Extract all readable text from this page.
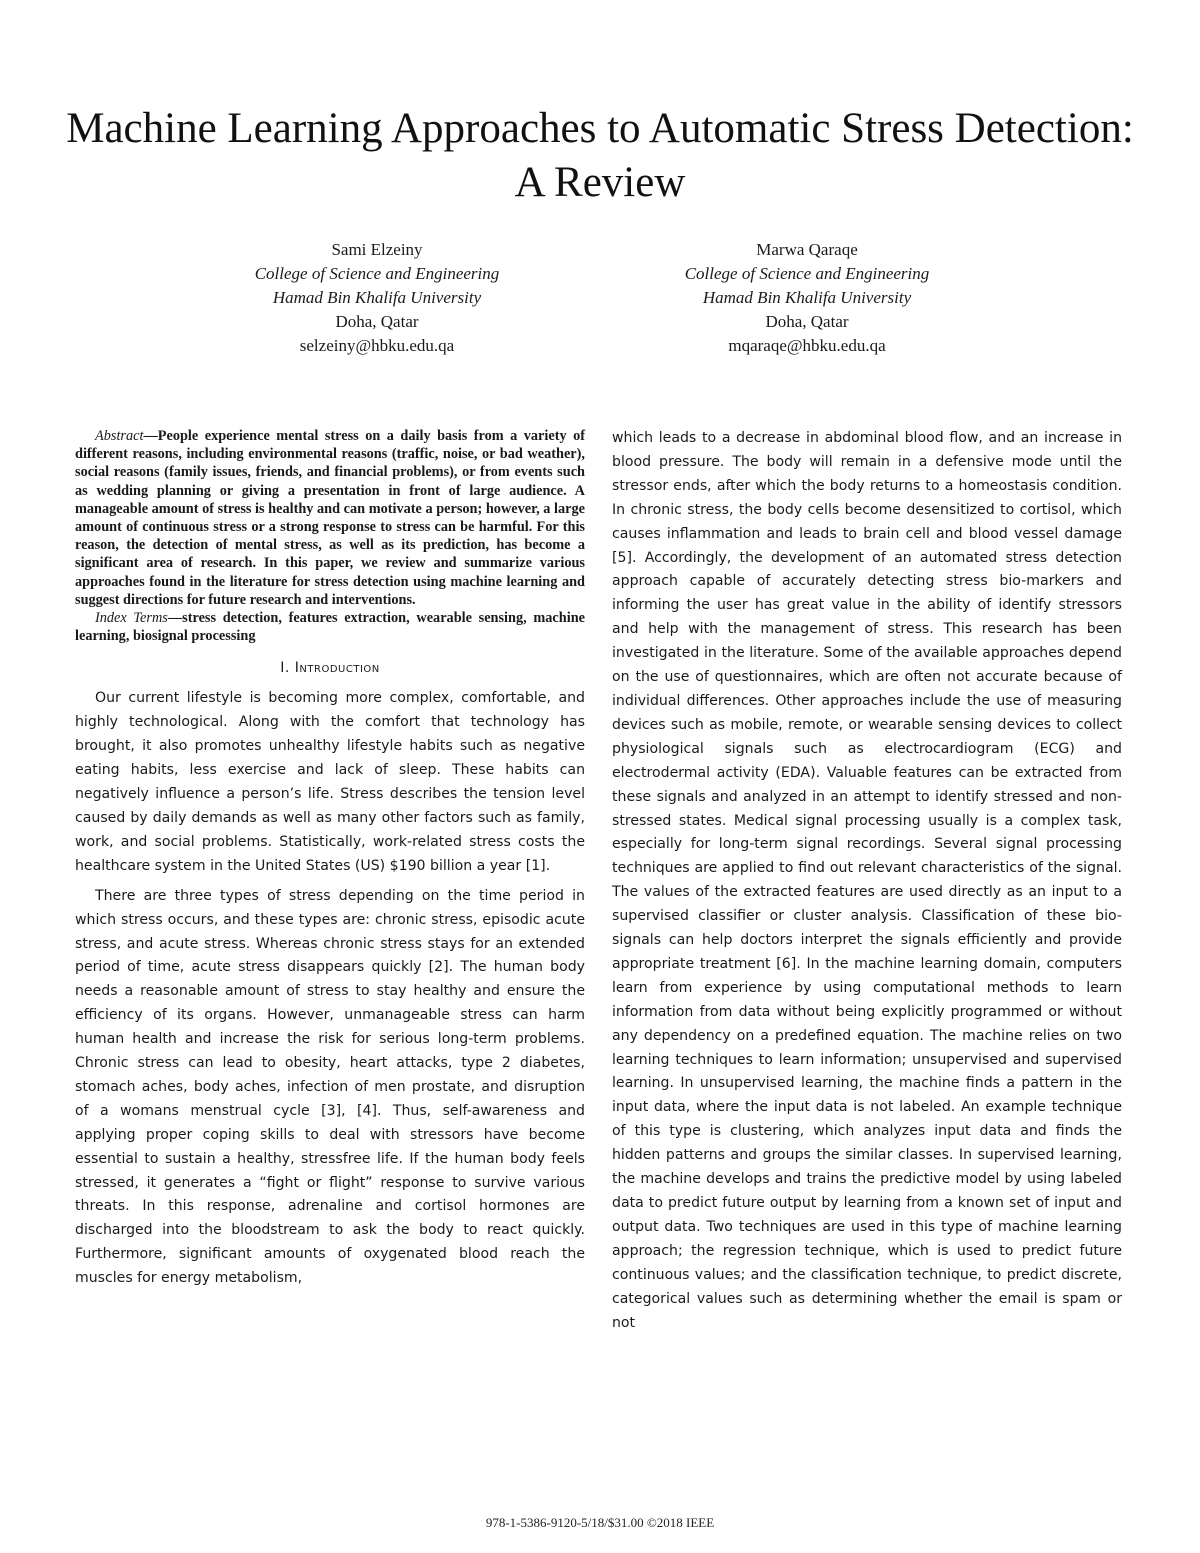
Machine Learning Approaches to Automatic Stress Detection: A Review
Sami Elzeiny
College of Science and Engineering
Hamad Bin Khalifa University
Doha, Qatar
selzeiny@hbku.edu.qa
Marwa Qaraqe
College of Science and Engineering
Hamad Bin Khalifa University
Doha, Qatar
mqaraqe@hbku.edu.qa

Abstract—People experience mental stress on a daily basis from a variety of different reasons, including environmental reasons (traffic, noise, or bad weather), social reasons (family issues, friends, and financial problems), or from events such as wedding planning or giving a presentation in front of large audience. A manageable amount of stress is healthy and can motivate a person; however, a large amount of continuous stress or a strong response to stress can be harmful. For this reason, the detection of mental stress, as well as its prediction, has become a significant area of research. In this paper, we review and summarize various approaches found in the literature for stress detection using machine learning and suggest directions for future research and interventions.

Index Terms—stress detection, features extraction, wearable sensing, machine learning, biosignal processing

I. Introduction

Our current lifestyle is becoming more complex, comfortable, and highly technological. Along with the comfort that technology has brought, it also promotes unhealthy lifestyle habits such as negative eating habits, less exercise and lack of sleep. These habits can negatively influence a person’s life. Stress describes the tension level caused by daily demands as well as many other factors such as family, work, and social problems. Statistically, work-related stress costs the healthcare system in the United States (US) $190 billion a year [1].

There are three types of stress depending on the time period in which stress occurs, and these types are: chronic stress, episodic acute stress, and acute stress. Whereas chronic stress stays for an extended period of time, acute stress disappears quickly [2]. The human body needs a reasonable amount of stress to stay healthy and ensure the efficiency of its organs. However, unmanageable stress can harm human health and increase the risk for serious long-term problems. Chronic stress can lead to obesity, heart attacks, type 2 diabetes, stomach aches, body aches, infection of men prostate, and disruption of a womans menstrual cycle [3], [4]. Thus, self-awareness and applying proper coping skills to deal with stressors have become essential to sustain a healthy, stressfree life. If the human body feels stressed, it generates a “fight or flight” response to survive various threats. In this response, adrenaline and cortisol hormones are discharged into the bloodstream to ask the body to react quickly. Furthermore, significant amounts of oxygenated blood reach the muscles for energy metabolism,

which leads to a decrease in abdominal blood flow, and an increase in blood pressure. The body will remain in a defensive mode until the stressor ends, after which the body returns to a homeostasis condition. In chronic stress, the body cells become desensitized to cortisol, which causes inflammation and leads to brain cell and blood vessel damage [5]. Accordingly, the development of an automated stress detection approach capable of accurately detecting stress bio-markers and informing the user has great value in the ability of identify stressors and help with the management of stress. This research has been investigated in the literature. Some of the available approaches depend on the use of questionnaires, which are often not accurate because of individual differences. Other approaches include the use of measuring devices such as mobile, remote, or wearable sensing devices to collect physiological signals such as electrocardiogram (ECG) and electrodermal activity (EDA). Valuable features can be extracted from these signals and analyzed in an attempt to identify stressed and non-stressed states. Medical signal processing usually is a complex task, especially for long-term signal recordings. Several signal processing techniques are applied to find out relevant characteristics of the signal. The values of the extracted features are used directly as an input to a supervised classifier or cluster analysis. Classification of these bio-signals can help doctors interpret the signals efficiently and provide appropriate treatment [6]. In the machine learning domain, computers learn from experience by using computational methods to learn information from data without being explicitly programmed or without any dependency on a predefined equation. The machine relies on two learning techniques to learn information; unsupervised and supervised learning. In unsupervised learning, the machine finds a pattern in the input data, where the input data is not labeled. An example technique of this type is clustering, which analyzes input data and finds the hidden patterns and groups the similar classes. In supervised learning, the machine develops and trains the predictive model by using labeled data to predict future output by learning from a known set of input and output data. Two techniques are used in this type of machine learning approach; the regression technique, which is used to predict future continuous values; and the classification technique, to predict discrete, categorical values such as determining whether the email is spam or not

978-1-5386-9120-5/18/$31.00 ©2018 IEEE
